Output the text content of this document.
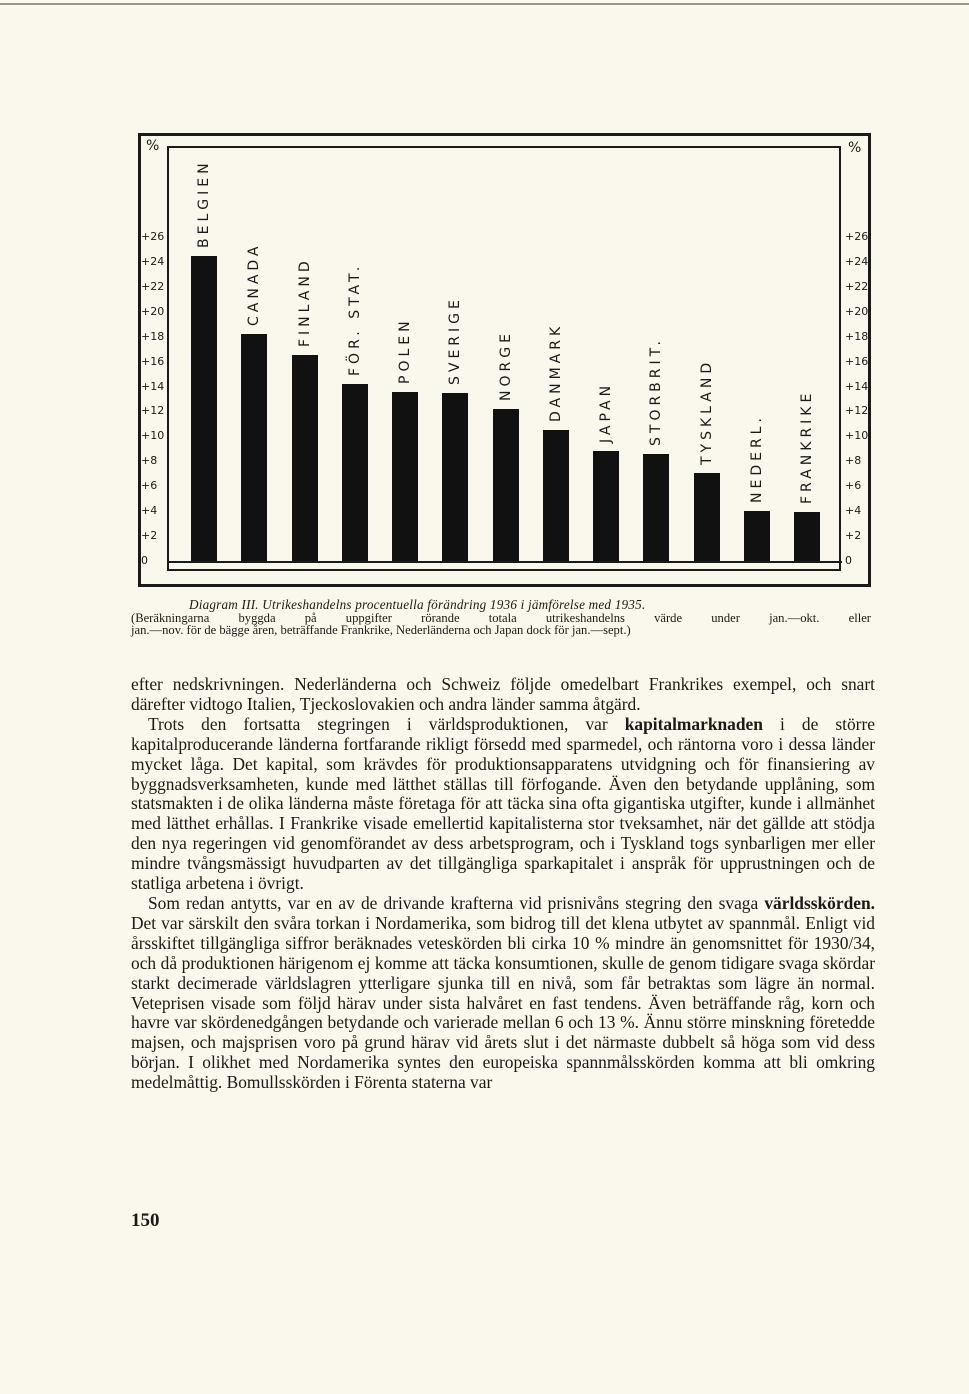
%	%
0
+2
+4
+6
+8
+10
+12
+14
+16
+18
+20
+22
+24
+26
0
+2
+4
+6
+8
+10
+12
+14
+16
+18
+20
+22
+24
+26
BELGIEN
CANADA FINLAND FÖR. STAT. POLEN SVERIGE NORGE DANMARK JAPAN STORBRIT. TYSKLAND NEDERL. FRANKRIKE
Diagram III. Utrikeshandelns procentuella förändring 1936 i jämförelse med 1935.
(Beräkningarna byggda på uppgifter rörande totala utrikeshandelns värde under jan.—okt. eller
jan.—nov. för de bägge åren, beträffande Frankrike, Nederländerna och Japan dock för jan.—sept.)

efter nedskrivningen. Nederländerna och Schweiz följde omedelbart Frankrikes exempel, och snart därefter vidtogo Italien, Tjeckoslovakien och andra länder samma åtgärd.

Trots den fortsatta stegringen i världsproduktionen, var kapitalmarknaden i de större kapitalproducerande länderna fortfarande rikligt försedd med sparmedel, och räntorna voro i dessa länder mycket låga. Det kapital, som krävdes för produktionsapparatens utvidgning och för finansiering av byggnadsverksamheten, kunde med lätthet ställas till förfogande. Även den betydande upplåning, som statsmakten i de olika länderna måste företaga för att täcka sina ofta gigantiska utgifter, kunde i allmänhet med lätthet erhållas. I Frankrike visade emellertid kapitalisterna stor tveksamhet, när det gällde att stödja den nya regeringen vid genomförandet av dess arbetsprogram, och i Tyskland togs synbarligen mer eller mindre tvångsmässigt huvudparten av det tillgängliga sparkapitalet i anspråk för upprustningen och de statliga arbetena i övrigt.

Som redan antytts, var en av de drivande krafterna vid prisnivåns stegring den svaga världsskörden. Det var särskilt den svåra torkan i Nordamerika, som bidrog till det klena utbytet av spannmål. Enligt vid årsskiftet tillgängliga siffror beräknades veteskörden bli cirka 10 % mindre än genomsnittet för 1930/34, och då produktionen härigenom ej komme att täcka konsumtionen, skulle de genom tidigare svaga skördar starkt decimerade världslagren ytterligare sjunka till en nivå, som får betraktas som lägre än normal. Veteprisen visade som följd härav under sista halvåret en fast tendens. Även beträffande råg, korn och havre var skördenedgången betydande och varierade mellan 6 och 13 %. Ännu större minskning företedde majsen, och majsprisen voro på grund härav vid årets slut i det närmaste dubbelt så höga som vid dess början. I olikhet med Nordamerika syntes den europeiska spannmålsskörden komma att bli omkring medelmåttig. Bomullsskörden i Förenta staterna var

150
